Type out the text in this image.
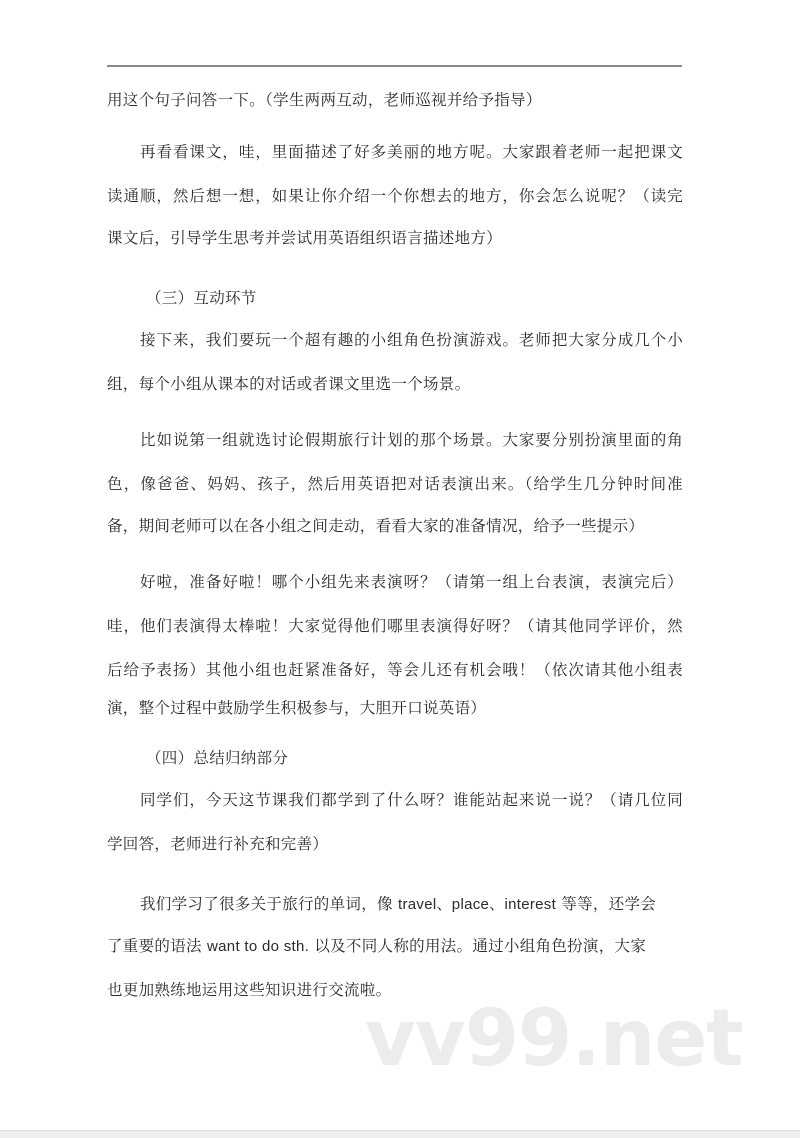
用这个句子问答一下。（学生两两互动，老师巡视并给予指导）
再看看课文，哇，里面描述了好多美丽的地方呢。大家跟着老师一起把课文
读通顺，然后想一想，如果让你介绍一个你想去的地方，你会怎么说呢？（读完
课文后，引导学生思考并尝试用英语组织语言描述地方）
（三）互动环节
接下来，我们要玩一个超有趣的小组角色扮演游戏。老师把大家分成几个小
组，每个小组从课本的对话或者课文里选一个场景。
比如说第一组就选讨论假期旅行计划的那个场景。大家要分别扮演里面的角
色，像爸爸、妈妈、孩子，然后用英语把对话表演出来。（给学生几分钟时间准
备，期间老师可以在各小组之间走动，看看大家的准备情况，给予一些提示）
好啦，准备好啦！哪个小组先来表演呀？（请第一组上台表演，表演完后）
哇，他们表演得太棒啦！大家觉得他们哪里表演得好呀？（请其他同学评价，然
后给予表扬）其他小组也赶紧准备好，等会儿还有机会哦！（依次请其他小组表
演，整个过程中鼓励学生积极参与，大胆开口说英语）
（四）总结归纳部分
同学们，今天这节课我们都学到了什么呀？谁能站起来说一说？（请几位同
学回答，老师进行补充和完善）
我们学习了很多关于旅行的单词，像 travel、place、interest 等等，还学会
了重要的语法 want to do sth. 以及不同人称的用法。通过小组角色扮演，大家
也更加熟练地运用这些知识进行交流啦。
vv99.net
